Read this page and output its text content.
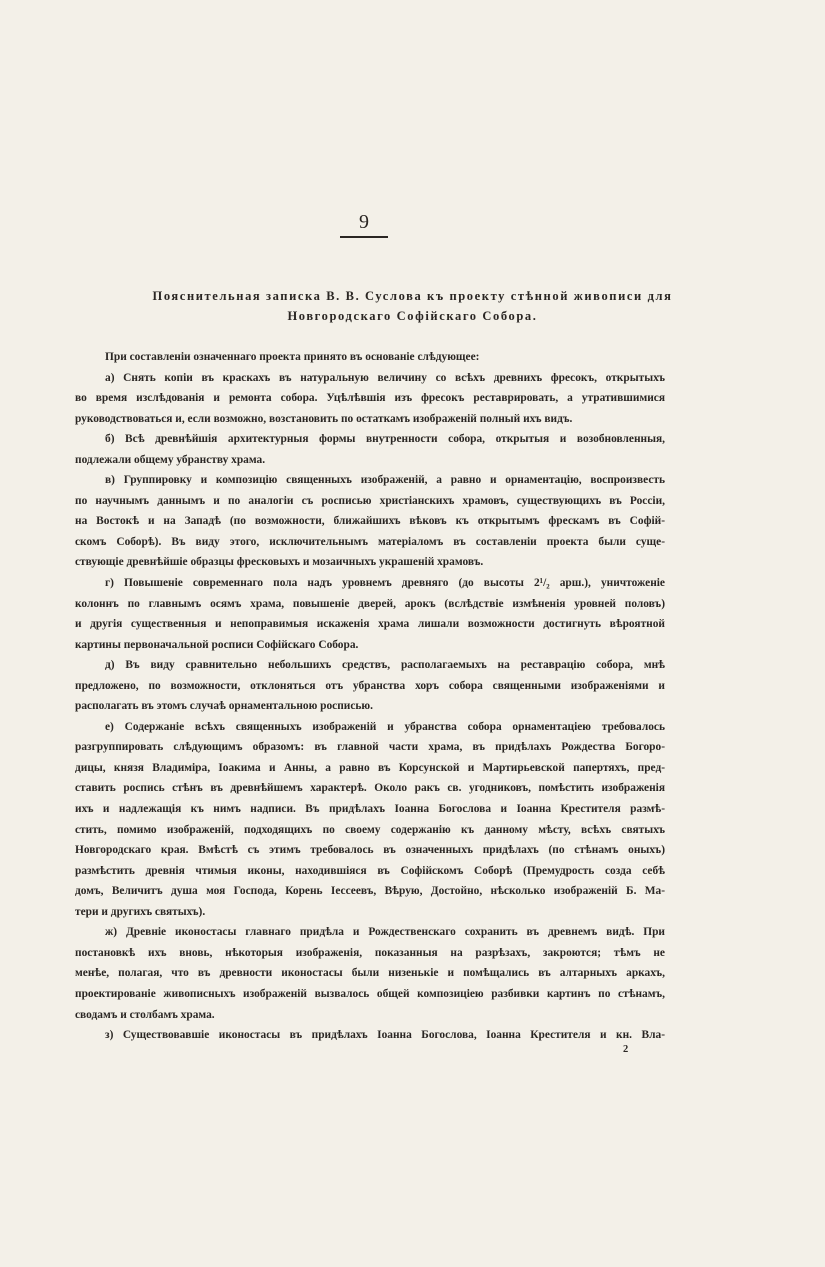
9
Пояснительная записка В. В. Суслова къ проекту стѣнной живописи для
Новгородскаго Софійскаго Собора.
При составленіи означеннаго проекта принято въ основаніе слѣдующее:
а) Снять копіи въ краскахъ въ натуральную величину со всѣхъ древнихъ фресокъ, открытыхъ
во время изслѣдованія и ремонта собора. Уцѣлѣвшія изъ фресокъ реставрировать, а утратившимися
руководствоваться и, если возможно, возстановить по остаткамъ изображеній полный ихъ видъ.
б) Всѣ древнѣйшія архитектурныя формы внутренности собора, открытыя и возобновленныя,
подлежали общему убранству храма.
в) Группировку и композицію священныхъ изображеній, а равно и орнаментацію, воспроизвесть
по научнымъ даннымъ и по аналогіи съ росписью христіанскихъ храмовъ, существующихъ въ Россіи,
на Востокѣ и на Западѣ (по возможности, ближайшихъ вѣковъ къ открытымъ фрескамъ въ Софій-
скомъ Соборѣ). Въ виду этого, исключительнымъ матеріаломъ въ составленіи проекта были суще-
ствующіе древнѣйшіе образцы фресковыхъ и мозаичныхъ украшеній храмовъ.
г) Повышеніе современнаго пола надъ уровнемъ древняго (до высоты 2¹/₂ арш.), уничтоженіе
колоннъ по главнымъ осямъ храма, повышеніе дверей, арокъ (вслѣдствіе измѣненія уровней половъ)
и другія существенныя и непоправимыя искаженія храма лишали возможности достигнуть вѣроятной
картины первоначальной росписи Софійскаго Собора.
д) Въ виду сравнительно небольшихъ средствъ, располагаемыхъ на реставрацію собора, мнѣ
предложено, по возможности, отклоняться отъ убранства хоръ собора священными изображеніями и
располагать въ этомъ случаѣ орнаментальною росписью.
е) Содержаніе всѣхъ священныхъ изображеній и убранства собора орнаментаціею требовалось
разгруппировать слѣдующимъ образомъ: въ главной части храма, въ придѣлахъ Рождества Богоро-
дицы, князя Владиміра, Іоакима и Анны, а равно въ Корсунской и Мартирьевской папертяхъ, пред-
ставить роспись стѣнъ въ древнѣйшемъ характерѣ. Около ракъ св. угодниковъ, помѣстить изображенія
ихъ и надлежащія къ нимъ надписи. Въ придѣлахъ Іоанна Богослова и Іоанна Крестителя размѣ-
стить, помимо изображеній, подходящихъ по своему содержанію къ данному мѣсту, всѣхъ святыхъ
Новгородскаго края. Вмѣстѣ съ этимъ требовалось въ означенныхъ придѣлахъ (по стѣнамъ оныхъ)
размѣстить древнія чтимыя иконы, находившіяся въ Софійскомъ Соборѣ (Премудрость созда себѣ
домъ, Величитъ душа моя Господа, Корень Іессеевъ, Вѣрую, Достойно, нѣсколько изображеній Б. Ма-
тери и другихъ святыхъ).
ж) Древніе иконостасы главнаго придѣла и Рождественскаго сохранить въ древнемъ видѣ. При
постановкѣ ихъ вновь, нѣкоторыя изображенія, показанныя на разрѣзахъ, закроются; тѣмъ не
менѣе, полагая, что въ древности иконостасы были низенькіе и помѣщались въ алтарныхъ аркахъ,
проектированіе живописныхъ изображеній вызвалось общей композиціею разбивки картинъ по стѣнамъ,
сводамъ и столбамъ храма.
з) Существовавшіе иконостасы въ придѣлахъ Іоанна Богослова, Іоанна Крестителя и кн. Вла-
2
